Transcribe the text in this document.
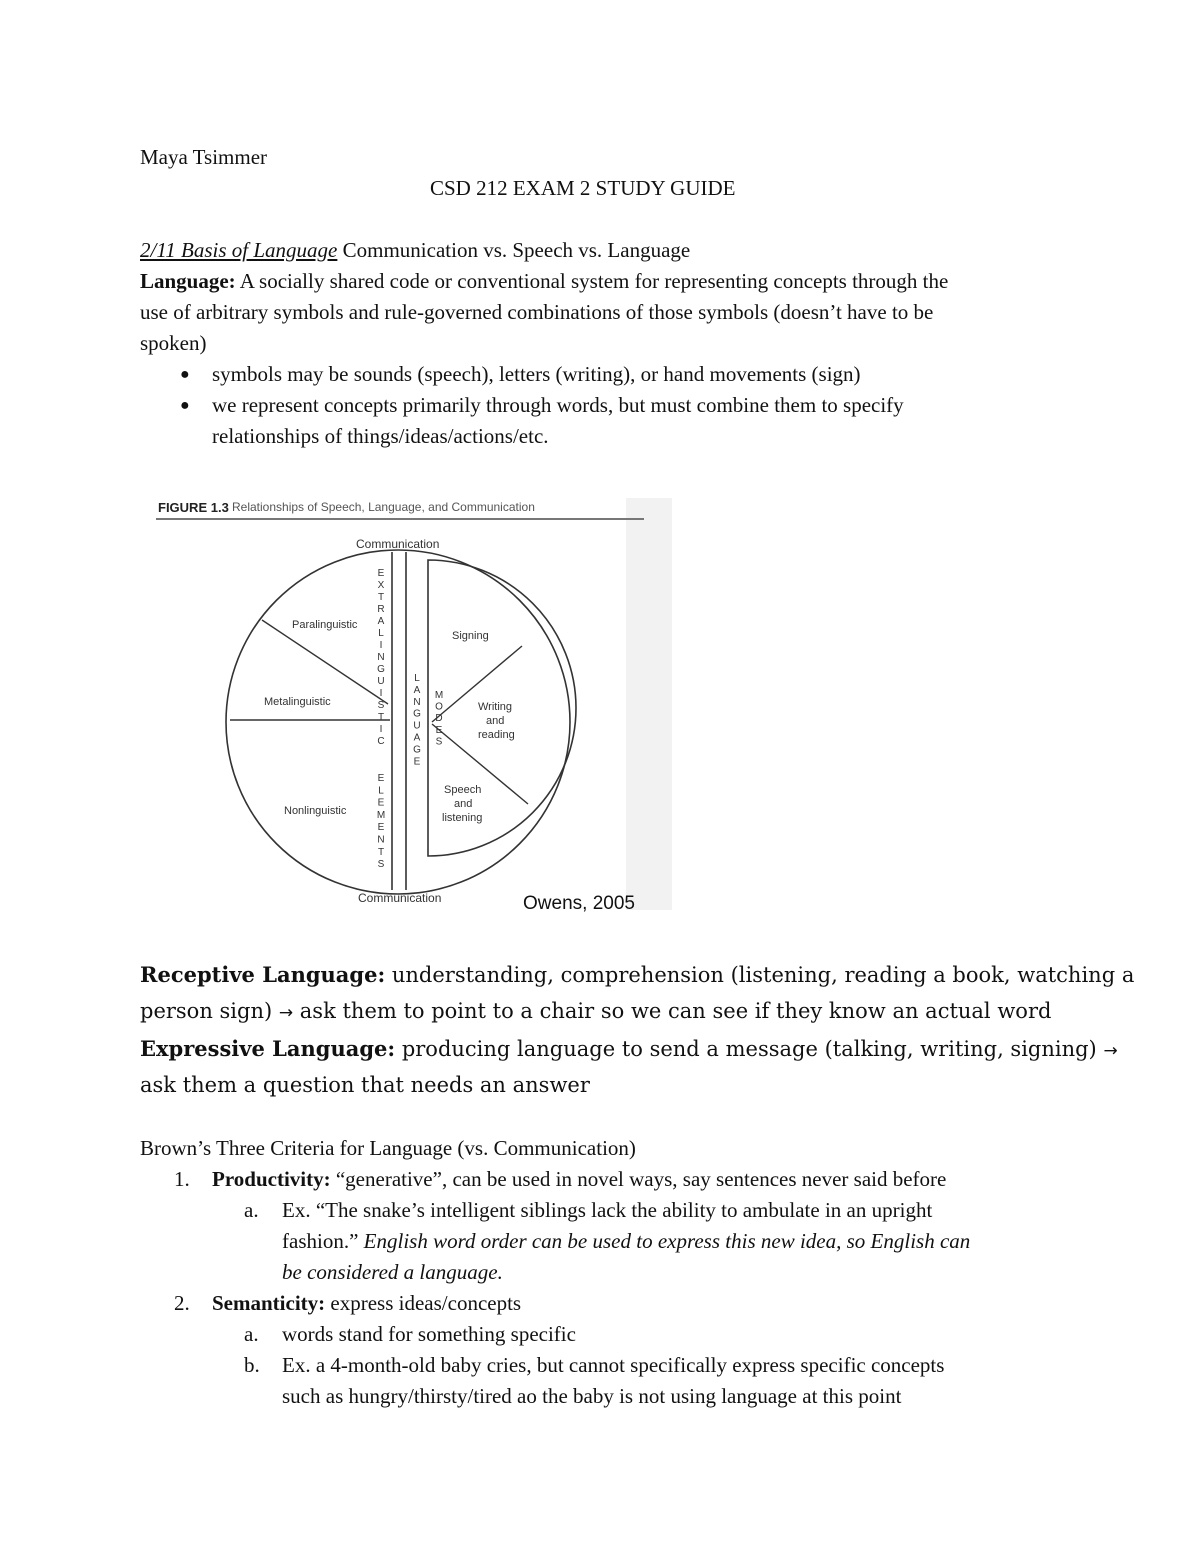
Maya Tsimmer
CSD 212 EXAM 2 STUDY GUIDE
2/11 Basis of Language Communication vs. Speech vs. Language
Language: A socially shared code or conventional system for representing concepts through the
use of arbitrary symbols and rule-governed combinations of those symbols (doesn’t have to be
spoken)
● symbols may be sounds (speech), letters (writing), or hand movements (sign)
● we represent concepts primarily through words, but must combine them to specify
relationships of things/ideas/actions/etc.
FIGURE 1.3 Relationships of Speech, Language, and Communication
Communication
Communication
Paralinguistic
Metalinguistic
Nonlinguistic
Signing
Writing
and
reading
Speech
and
listening
E
X
T
R
A
L
I
N
G
U
I
S
T
I
C
E
L
E
M
E
N
T
S
L
A
N
G
U
A
G
E
M
O
D
E
S
Owens, 2005
Receptive Language: understanding, comprehension (listening, reading a book, watching a
person sign) → ask them to point to a chair so we can see if they know an actual word
Expressive Language: producing language to send a message (talking, writing, signing) →
ask them a question that needs an answer
Brown’s Three Criteria for Language (vs. Communication)
1. Productivity: “generative”, can be used in novel ways, say sentences never said before
a. Ex. “The snake’s intelligent siblings lack the ability to ambulate in an upright
fashion.” English word order can be used to express this new idea, so English can
be considered a language.
2. Semanticity: express ideas/concepts
a. words stand for something specific
b. Ex. a 4-month-old baby cries, but cannot specifically express specific concepts
such as hungry/thirsty/tired ao the baby is not using language at this point
